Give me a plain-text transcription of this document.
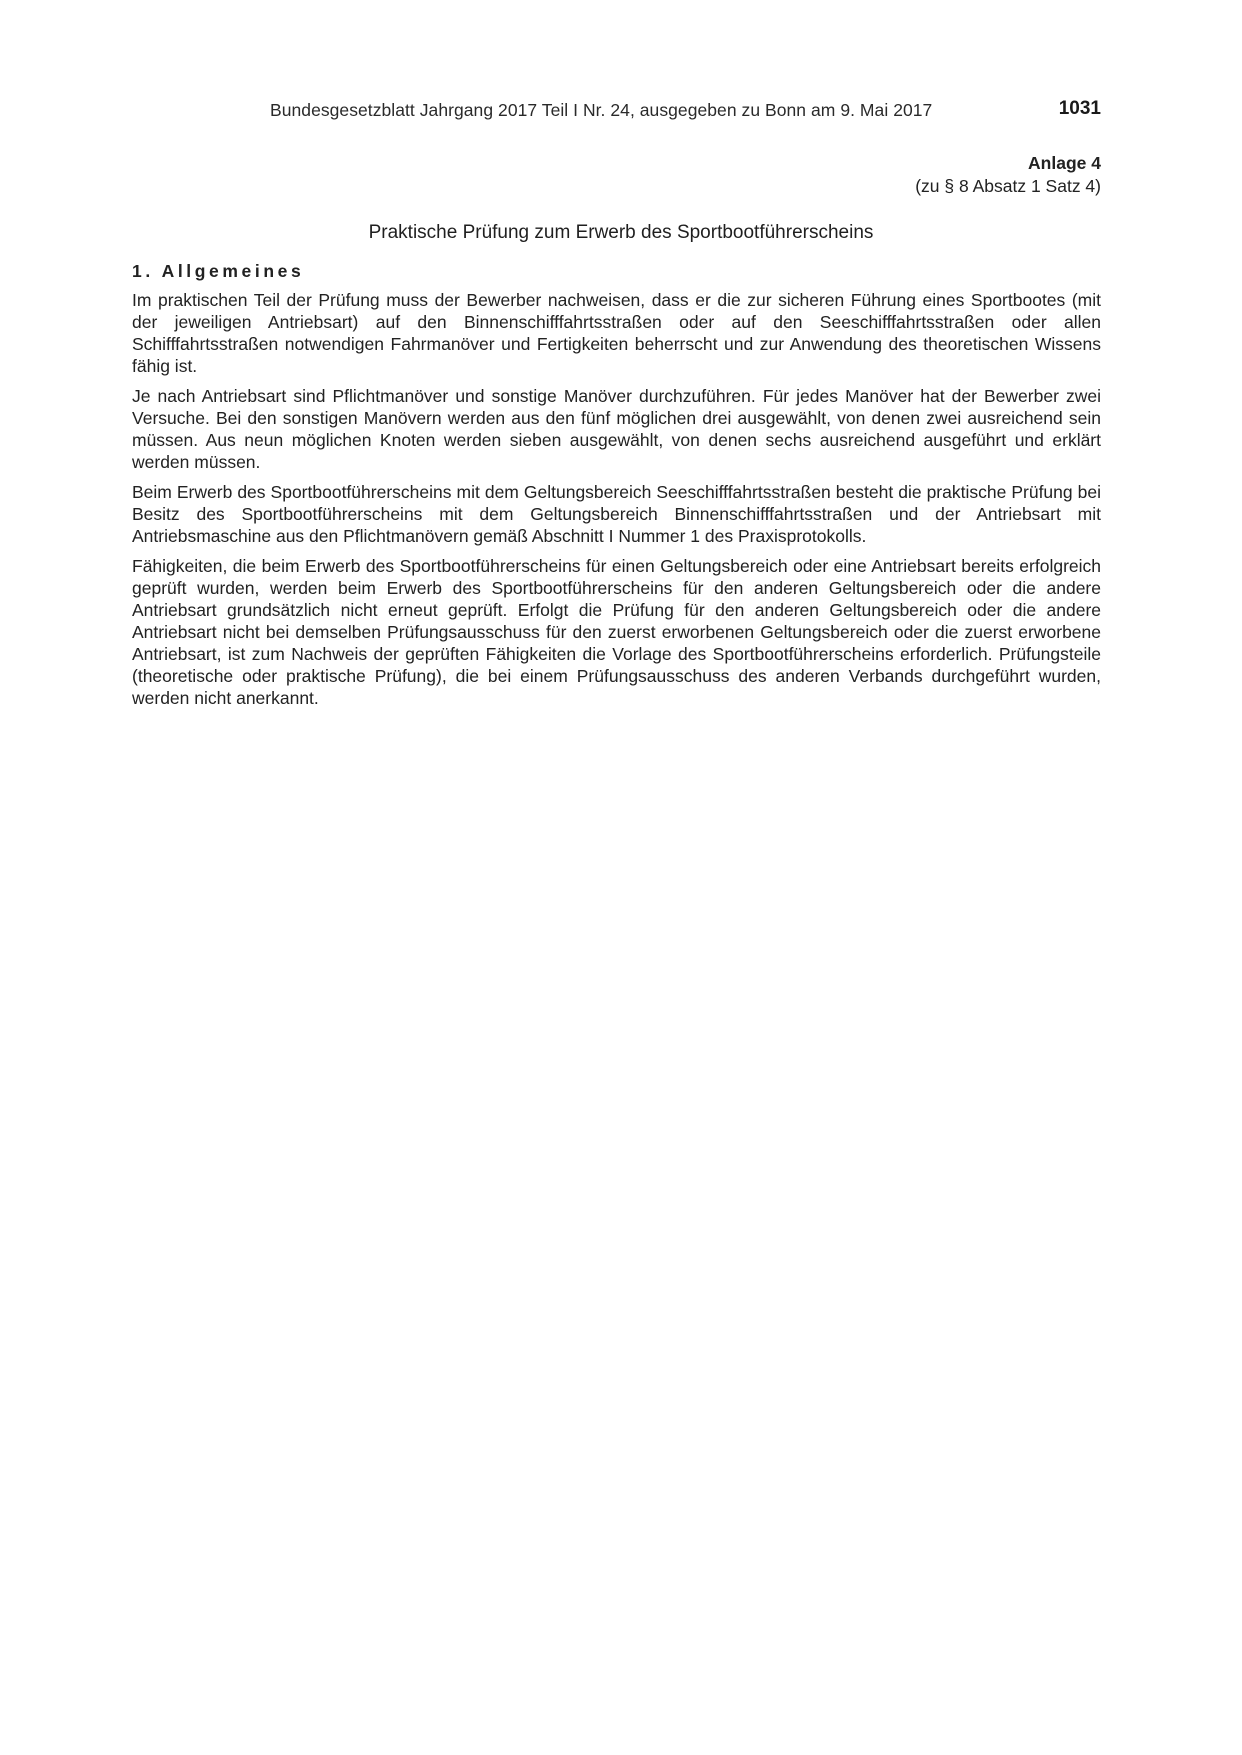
Bundesgesetzblatt Jahrgang 2017 Teil I Nr. 24, ausgegeben zu Bonn am 9. Mai 2017	1031
Anlage 4
(zu § 8 Absatz 1 Satz 4)
Praktische Prüfung zum Erwerb des Sportbootführerscheins
1. Allgemeines

Im praktischen Teil der Prüfung muss der Bewerber nachweisen, dass er die zur sicheren Führung eines Sportbootes (mit der jeweiligen Antriebsart) auf den Binnenschifffahrtsstraßen oder auf den Seeschifffahrtsstraßen oder allen Schifffahrtsstraßen notwendigen Fahrmanöver und Fertigkeiten beherrscht und zur Anwendung des theoretischen Wissens fähig ist.

Je nach Antriebsart sind Pflichtmanöver und sonstige Manöver durchzuführen. Für jedes Manöver hat der Bewerber zwei Versuche. Bei den sonstigen Manövern werden aus den fünf möglichen drei ausgewählt, von denen zwei ausreichend sein müssen. Aus neun möglichen Knoten werden sieben ausgewählt, von denen sechs ausreichend ausgeführt und erklärt werden müssen.

Beim Erwerb des Sportbootführerscheins mit dem Geltungsbereich Seeschifffahrtsstraßen besteht die praktische Prüfung bei Besitz des Sportbootführerscheins mit dem Geltungsbereich Binnenschifffahrtsstraßen und der Antriebsart mit Antriebsmaschine aus den Pflichtmanövern gemäß Abschnitt I Nummer 1 des Praxisprotokolls.

Fähigkeiten, die beim Erwerb des Sportbootführerscheins für einen Geltungsbereich oder eine Antriebsart bereits erfolgreich geprüft wurden, werden beim Erwerb des Sportbootführerscheins für den anderen Geltungsbereich oder die andere Antriebsart grundsätzlich nicht erneut geprüft. Erfolgt die Prüfung für den anderen Geltungsbereich oder die andere Antriebsart nicht bei demselben Prüfungsausschuss für den zuerst erworbenen Geltungsbereich oder die zuerst erworbene Antriebsart, ist zum Nachweis der geprüften Fähigkeiten die Vorlage des Sportbootführerscheins erforderlich. Prüfungsteile (theoretische oder praktische Prüfung), die bei einem Prüfungsausschuss des anderen Verbands durchgeführt wurden, werden nicht anerkannt.
